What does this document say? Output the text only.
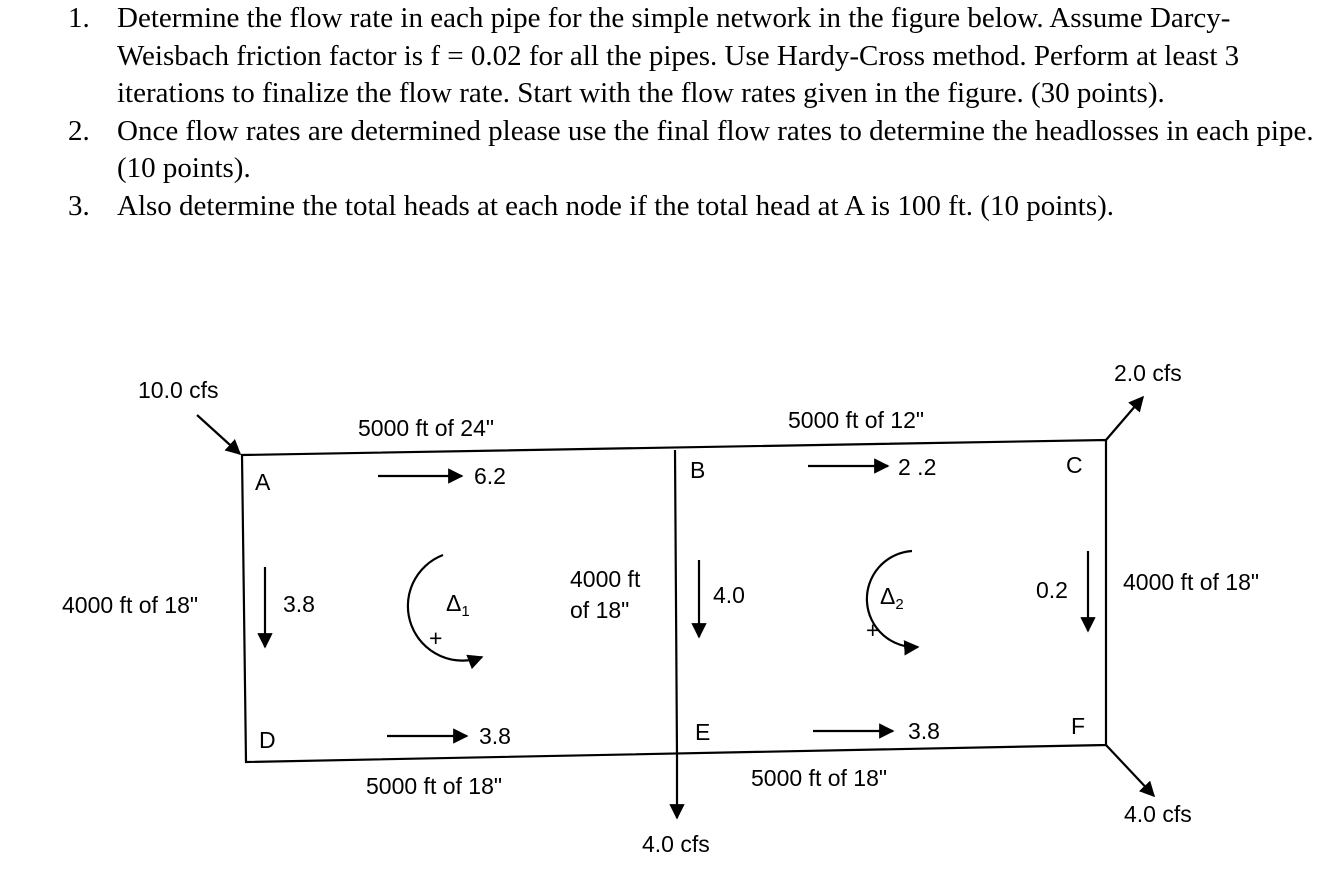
1. Determine the flow rate in each pipe for the simple network in the figure below. Assume Darcy-Weisbach friction factor is f = 0.02 for all the pipes. Use Hardy-Cross method. Perform at least 3 iterations to finalize the flow rate. Start with the flow rates given in the figure. (30 points).
2. Once flow rates are determined please use the final flow rates to determine the headlosses in each pipe. (10 points).
3. Also determine the total heads at each node if the total head at A is 100 ft. (10 points).
A	B	C
D	E	F
10.0 cfs
2.0 cfs
4.0 cfs
4.0 cfs
5000 ft of 24"	5000 ft of 12"
4000 ft of 18"
4000 ft
of 18"
4000 ft of 18"
5000 ft of 18"	5000 ft of 18"
6.2	2 .2
3.8	4.0	0.2
3.8	3.8
$\Delta_1$
$\Delta_2$
+	+
